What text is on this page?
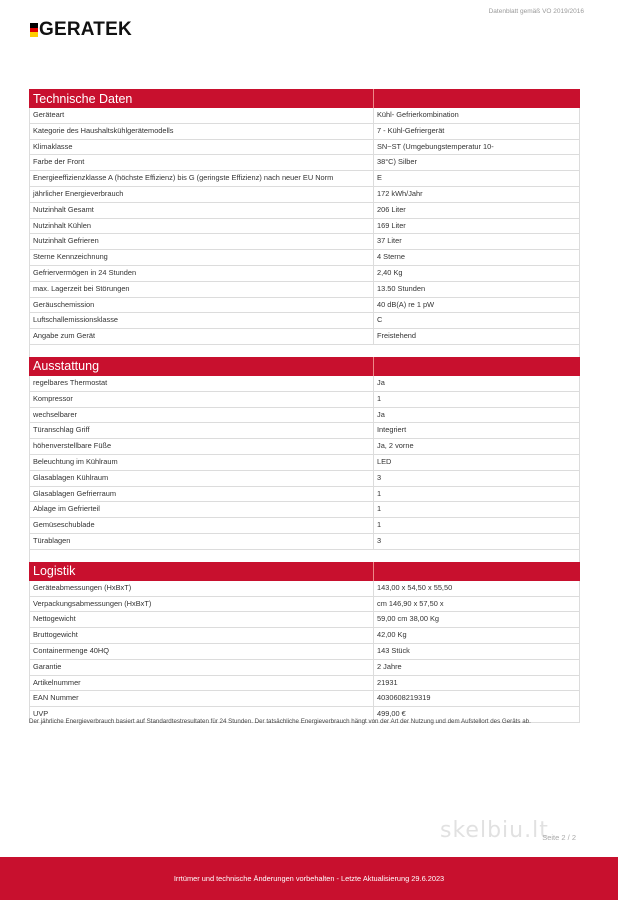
GERATEK
Datenblatt gemäß VO 2019/2016
Technische Daten
Geräteart	Kühl- Gefrierkombination
Kategorie des Haushaltskühlgerätemodells	7 - Kühl-Gefriergerät
Klimaklasse	SN~ST (Umgebungstemperatur 10-
Farbe der Front	38°C) Silber
Energieeffizienzklasse A (höchste Effizienz) bis G (geringste Effizienz) nach neuer EU Norm	E
jährlicher Energieverbrauch	172 kWh/Jahr
Nutzinhalt Gesamt	206 Liter
Nutzinhalt Kühlen	169 Liter
Nutzinhalt Gefrieren	37 Liter
Sterne Kennzeichnung	4 Sterne
Gefriervermögen in 24 Stunden	2,40 Kg
max. Lagerzeit bei Störungen	13.50 Stunden
Geräuschemission	40 dB(A) re 1 pW
Luftschallemissionsklasse	C
Angabe zum Gerät	Freistehend
Ausstattung
regelbares Thermostat	Ja
Kompressor	1
wechselbarer	Ja
Türanschlag Griff	Integriert
höhenverstellbare Füße	Ja, 2 vorne
Beleuchtung im Kühlraum	LED
Glasablagen Kühlraum	3
Glasablagen Gefrierraum	1
Ablage im Gefrierteil	1
Gemüseschublade	1
Türablagen	3
Logistik
Geräteabmessungen (HxBxT)	143,00 x 54,50 x 55,50
Verpackungsabmessungen (HxBxT)	cm 146,90 x 57,50 x
Nettogewicht	59,00 cm 38,00 Kg
Bruttogewicht	42,00 Kg
Containermenge 40HQ	143 Stück
Garantie	2 Jahre
Artikelnummer	21931
EAN Nummer	4030608219319
UVP	499,00 €
Der jährliche Energieverbrauch basiert auf Standardtestresultaten für 24 Stunden. Der tatsächliche Energieverbrauch hängt von der Art der Nutzung und dem Aufstellort des Geräts ab.
skelbiu.lt
Seite 2 / 2
Irrtümer und technische Änderungen vorbehalten - Letzte Aktualisierung 29.6.2023
